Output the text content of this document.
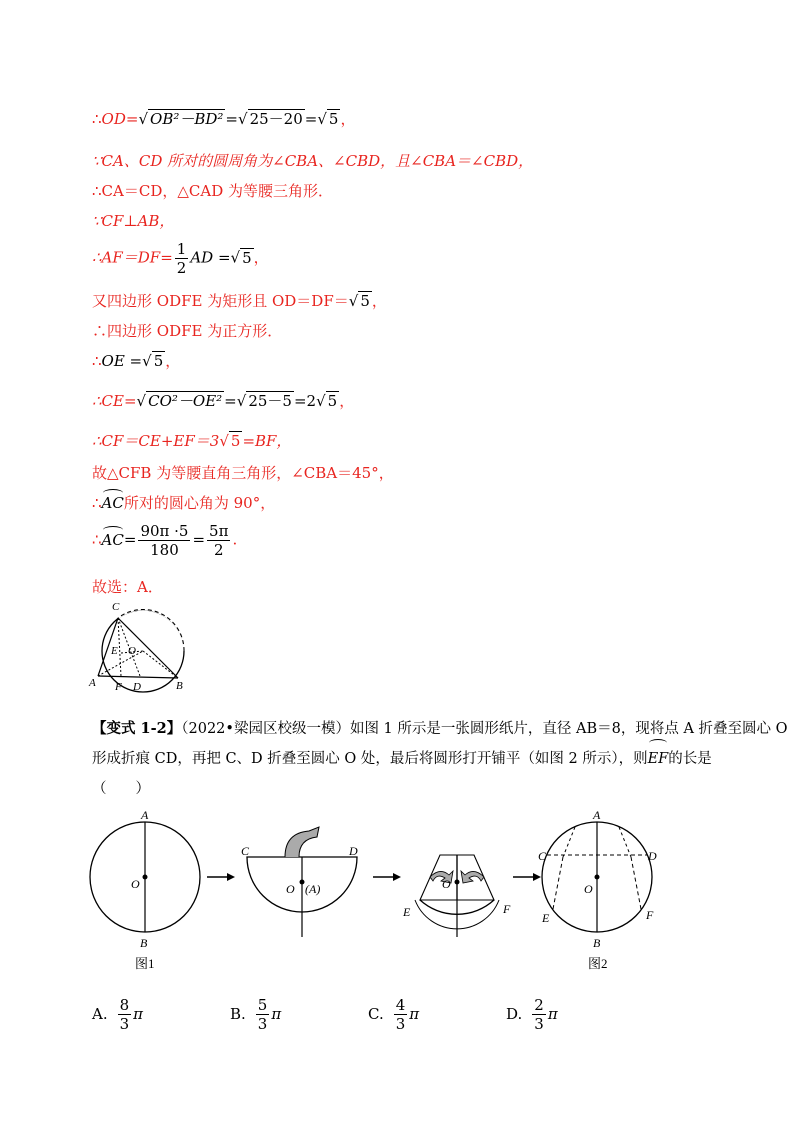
∴OD=√ OB²－BD² =√ 25－20 =√ 5 ，
∵CA、CD 所对的圆周角为∠CBA、∠CBD，且∠CBA＝∠CBD，
∴CA＝CD，△CAD 为等腰三角形．
∵CF⊥AB，
∴AF＝DF= $\frac{1}{2}$ AD =√ 5 ，
又四边形 ODFE 为矩形且 OD＝DF＝√ 5 ，
∴四边形 ODFE 为正方形．
∴OE =√ 5 ，
∴CE=√ CO²－OE² =√ 25－5 =2√ 5 ，
∴CF＝CE+EF＝3√ 5 =BF，
故△CFB 为等腰直角三角形，∠CBA＝45°，
∴AC所对的圆心角为 90°，
∴AC= $\frac{90\pi \cdot 5}{180} = \frac{5\pi}{2}$ .
故选：A．
C
E O
A F D	B
【变式 1-2】（2022•梁园区校级一模）如图 1 所示是一张圆形纸片，直径 AB＝8，现将点 A 折叠至圆心 O
形成折痕 CD，再把 C、D 折叠至圆心 O 处，最后将圆形打开铺平（如图 2 所示），则EF的长是
（　　）
A
O
B
图1
C	D
O (A)	O
E	F
A
C	D
O
E	F
B
图2
A. $\frac{8}{3}$ π	B. $\frac{5}{3}$ π	C. $\frac{4}{3}$ π	D. $\frac{2}{3}$ π
